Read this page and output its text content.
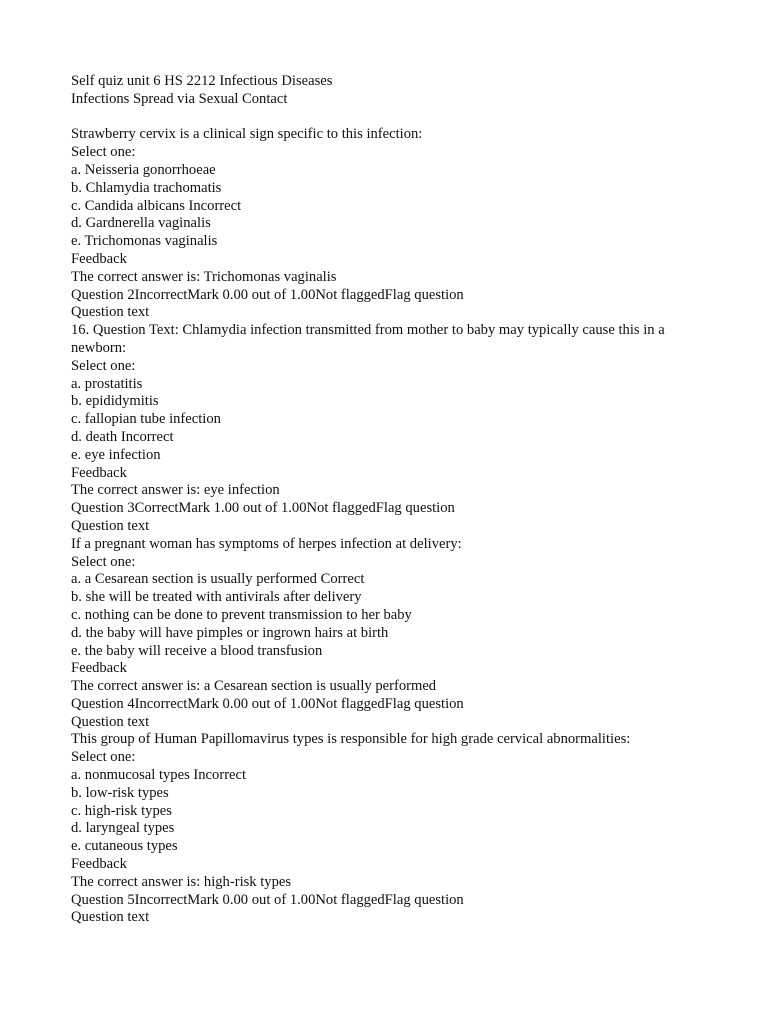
Self quiz unit 6 HS 2212 Infectious Diseases
Infections Spread via Sexual Contact
Strawberry cervix is a clinical sign specific to this infection:
Select one:
a. Neisseria gonorrhoeae
b. Chlamydia trachomatis
c. Candida albicans Incorrect
d. Gardnerella vaginalis
e. Trichomonas vaginalis
Feedback
The correct answer is: Trichomonas vaginalis
Question 2IncorrectMark 0.00 out of 1.00Not flaggedFlag question
Question text
16. Question Text: Chlamydia infection transmitted from mother to baby may typically cause this in a newborn:
Select one:
a. prostatitis
b. epididymitis
c. fallopian tube infection
d. death Incorrect
e. eye infection
Feedback
The correct answer is: eye infection
Question 3CorrectMark 1.00 out of 1.00Not flaggedFlag question
Question text
If a pregnant woman has symptoms of herpes infection at delivery:
Select one:
a. a Cesarean section is usually performed Correct
b. she will be treated with antivirals after delivery
c. nothing can be done to prevent transmission to her baby
d. the baby will have pimples or ingrown hairs at birth
e. the baby will receive a blood transfusion
Feedback
The correct answer is: a Cesarean section is usually performed
Question 4IncorrectMark 0.00 out of 1.00Not flaggedFlag question
Question text
This group of Human Papillomavirus types is responsible for high grade cervical abnormalities:
Select one:
a. nonmucosal types Incorrect
b. low-risk types
c. high-risk types
d. laryngeal types
e. cutaneous types
Feedback
The correct answer is: high-risk types
Question 5IncorrectMark 0.00 out of 1.00Not flaggedFlag question
Question text
